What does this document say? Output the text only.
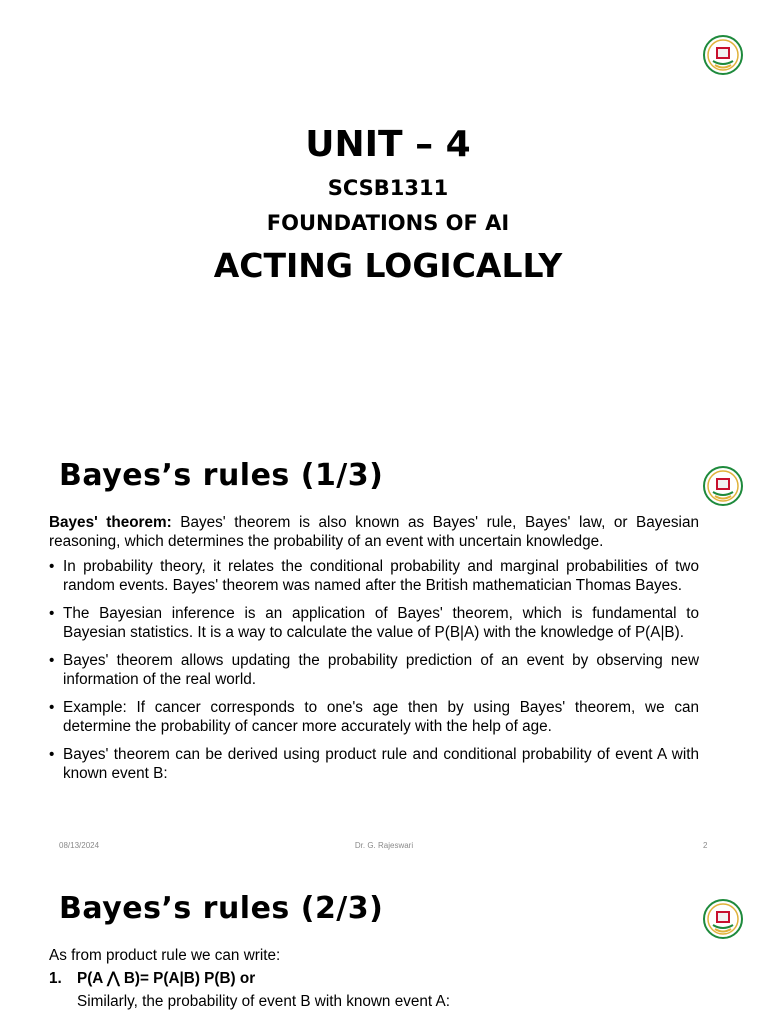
UNIT – 4
SCSB1311
FOUNDATIONS OF AI
ACTING LOGICALLY
Bayes’s rules (1/3)

Bayes' theorem: Bayes' theorem is also known as Bayes' rule, Bayes' law, or Bayesian reasoning, which determines the probability of an event with uncertain knowledge.

• In probability theory, it relates the conditional probability and marginal probabilities of two random events. Bayes' theorem was named after the British mathematician Thomas Bayes.
• The Bayesian inference is an application of Bayes' theorem, which is fundamental to Bayesian statistics. It is a way to calculate the value of P(B|A) with the knowledge of P(A|B).
• Bayes' theorem allows updating the probability prediction of an event by observing new information of the real world.
• Example: If cancer corresponds to one's age then by using Bayes' theorem, we can determine the probability of cancer more accurately with the help of age.
• Bayes' theorem can be derived using product rule and conditional probability of event A with known event B:
08/13/2024	Dr. G. Rajeswari	2
Bayes’s rules (2/3)
As from product rule we can write:
1. P(A ⋀ B)= P(A|B) P(B) or
Similarly, the probability of event B with known event A:
